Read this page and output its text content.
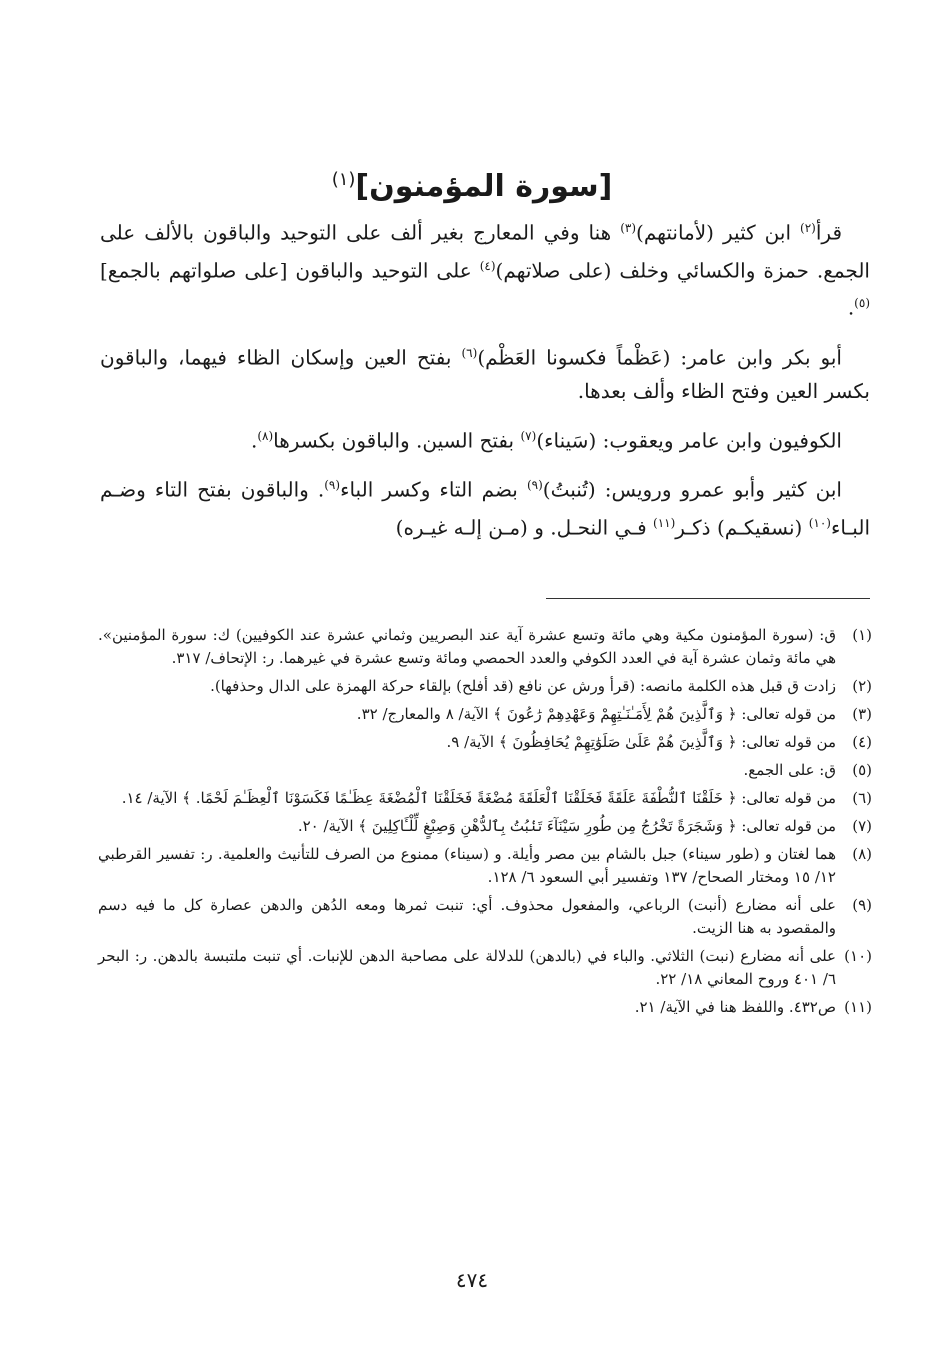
[سورة المؤمنون]$^{(١)}$

قرأ$^{(٢)}$ ابن كثير (لأمانتهم)$^{(٣)}$ هنا وفي المعارج بغير ألف على التوحيد والباقون بالألف على الجمع. حمزة والكسائي وخلف (على صلاتهم)$^{(٤)}$ على التوحيد والباقون [على صلواتهم بالجمع]$^{(٥)}$.

أبو بكر وابن عامر: (عَظْماً فكسونا العَظْم)$^{(٦)}$ بفتح العين وإسكان الظاء فيهما، والباقون بكسر العين وفتح الظاء وألف بعدها.

الكوفيون وابن عامر ويعقوب: (سَيناء)$^{(٧)}$ بفتح السين. والباقون بكسرها$^{(٨)}$.

ابن كثير وأبو عمرو ورويس: (تُنبتُ)$^{(٩)}$ بضم التاء وكسر الباء$^{(٩)}$. والباقون بفتح التاء وضـم البـاء$^{(١٠)}$ (نسقيكـم) ذكـر$^{(١١)}$ فـي النحـل. و (مـن إلـه غيـره)

(١)
ق: (سورة المؤمنون مكية وهي مائة وتسع عشرة آية عند البصريين وثماني عشرة عند الكوفيين) ك: سورة المؤمنين». هي مائة وثمان عشرة آية في العدد الكوفي والعدد الحمصي ومائة وتسع عشرة في غيرهما. ر: الإتحاف/ ٣١٧.
(٢)
زادت ق قبل هذه الكلمة مانصه: (قرأ ورش عن نافع (قد أفلح) بإلقاء حركة الهمزة على الدال وحذفها).
(٣)
من قوله تعالى: ﴿ وَٱلَّذِينَ هُمْ لِأَمَـٰنَـٰتِهِمْ وَعَهْدِهِمْ رَٰعُونَ ﴾ الآية/ ٨ والمعارج/ ٣٢.
(٤)
من قوله تعالى: ﴿ وَٱلَّذِينَ هُمْ عَلَىٰ صَلَوَٰتِهِمْ يُحَافِظُونَ ﴾ الآية/ ٩.
(٥)
ق: على الجمع.
(٦)
من قوله تعالى: ﴿ خَلَقْنَا ٱلنُّطْفَةَ عَلَقَةً فَخَلَقْنَا ٱلْعَلَقَةَ مُضْغَةً فَخَلَقْنَا ٱلْمُضْغَةَ عِظَـٰمًا فَكَسَوْنَا ٱلْعِظَـٰمَ لَحْمًا. ﴾ الآية/ ١٤.
(٧)
من قوله تعالى: ﴿ وَشَجَرَةً تَخْرُجُ مِن طُورِ سَيْنَآءَ تَنۢبُتُ بِٱلدُّهْنِ وَصِبْغٍ لِّلْـَٔاكِلِينَ ﴾ الآية/ ٢٠.
(٨)
هما لغتان و (طور سيناء) جبل بالشام بين مصر وأيلة. و (سيناء) ممنوع من الصرف للتأنيث والعلمية. ر: تفسير القرطبي ١٢/ ١٥ ومختار الصحاح/ ١٣٧ وتفسير أبي السعود ٦/ ١٢٨.
(٩)
على أنه مضارع (أنبت) الرباعي، والمفعول محذوف. أي: تنبت ثمرها ومعه الدُهن والدهن عصارة كل ما فيه دسم والمقصود به هنا الزيت.
(١٠)
على أنه مضارع (نبت) الثلاثي. والباء في (بالدهن) للدلالة على مصاحبة الدهن للإنبات. أي تنبت ملتبسة بالدهن. ر: البحر ٦/ ٤٠١ وروح المعاني ١٨/ ٢٢.
(١١)
ص٤٣٢. واللفظ هنا في الآية/ ٢١.
٤٧٤
